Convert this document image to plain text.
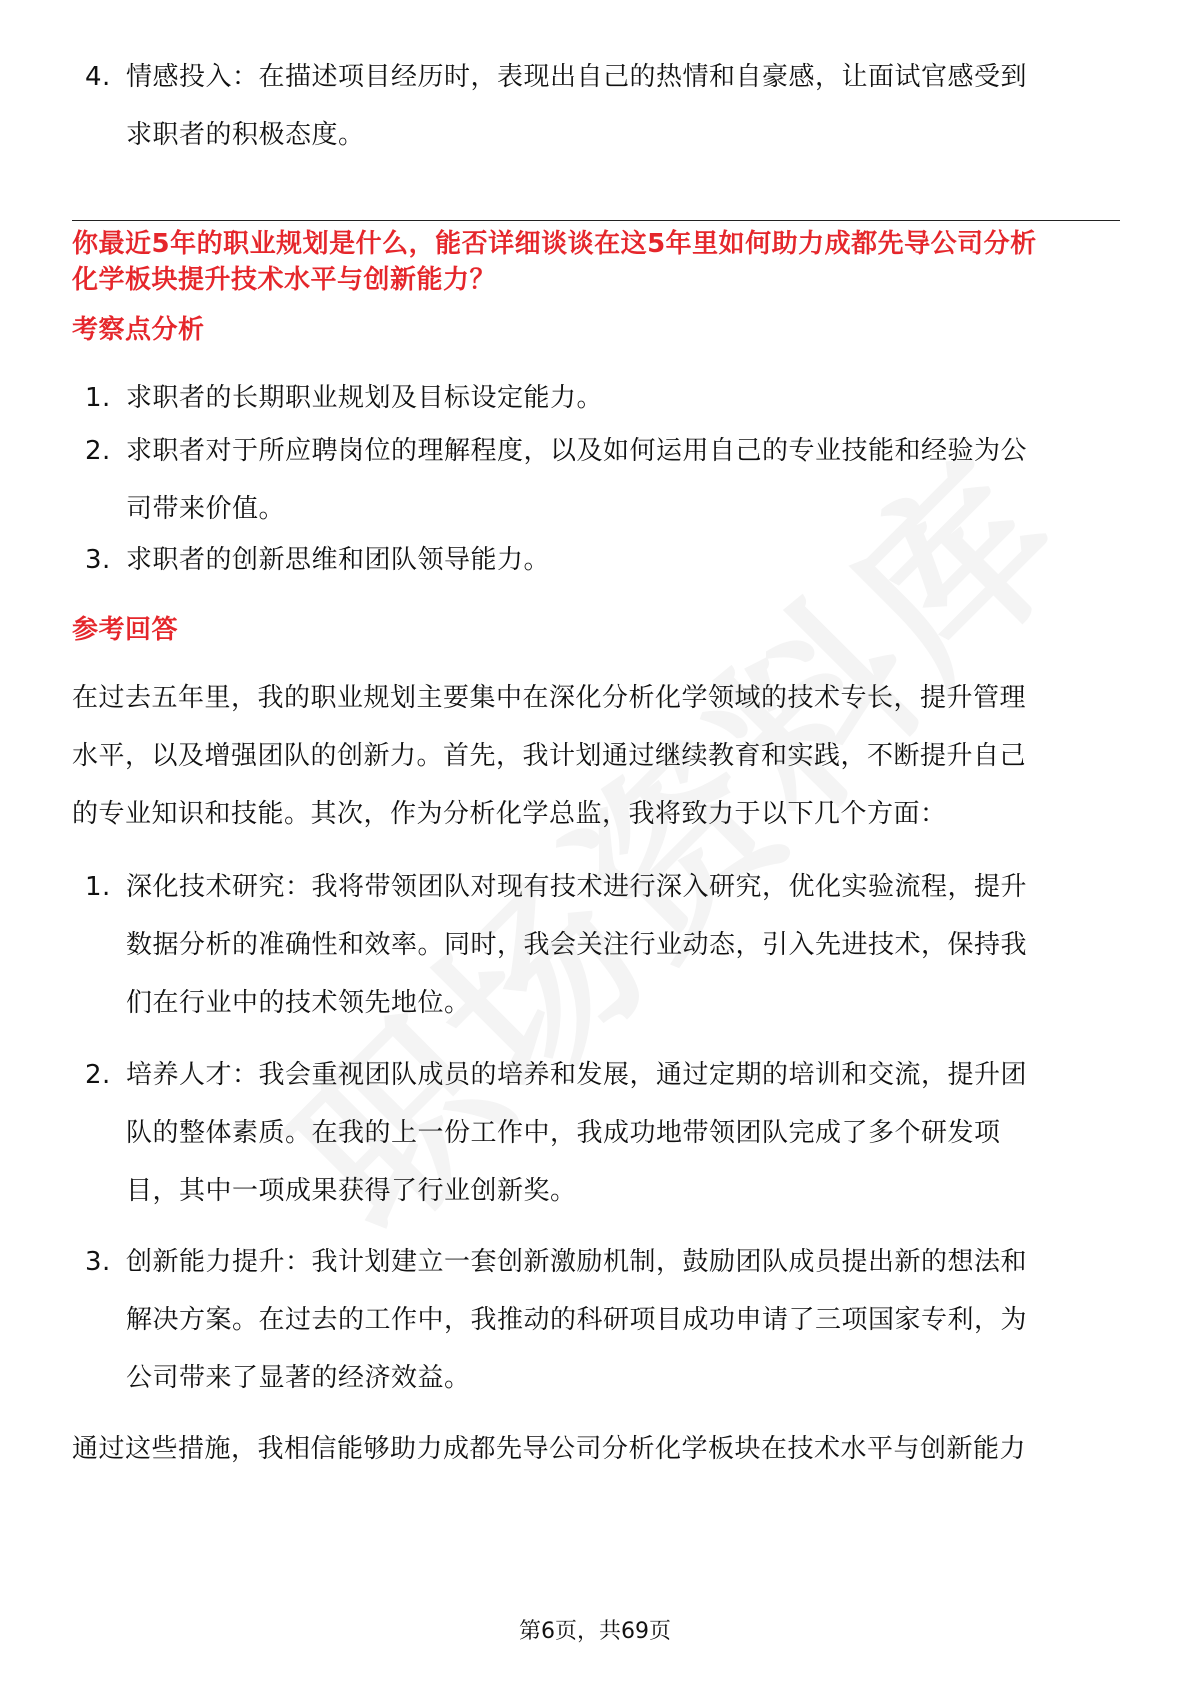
4. 情感投入：在描述项目经历时，表现出自己的热情和自豪感，让面试官感受到
求职者的积极态度。
你最近5年的职业规划是什么，能否详细谈谈在这5年里如何助力成都先导公司分析
化学板块提升技术水平与创新能力？
考察点分析
1. 求职者的长期职业规划及目标设定能力。
2. 求职者对于所应聘岗位的理解程度，以及如何运用自己的专业技能和经验为公
司带来价值。
3. 求职者的创新思维和团队领导能力。
参考回答
在过去五年里，我的职业规划主要集中在深化分析化学领域的技术专长，提升管理
水平，以及增强团队的创新力。首先，我计划通过继续教育和实践，不断提升自己
的专业知识和技能。其次，作为分析化学总监，我将致力于以下几个方面：
1. 深化技术研究：我将带领团队对现有技术进行深入研究，优化实验流程，提升
数据分析的准确性和效率。同时，我会关注行业动态，引入先进技术，保持我
们在行业中的技术领先地位。
2. 培养人才：我会重视团队成员的培养和发展，通过定期的培训和交流，提升团
队的整体素质。在我的上一份工作中，我成功地带领团队完成了多个研发项
目，其中一项成果获得了行业创新奖。
3. 创新能力提升：我计划建立一套创新激励机制，鼓励团队成员提出新的想法和
解决方案。在过去的工作中，我推动的科研项目成功申请了三项国家专利，为
公司带来了显著的经济效益。
通过这些措施，我相信能够助力成都先导公司分析化学板块在技术水平与创新能力
第6页，共69页
